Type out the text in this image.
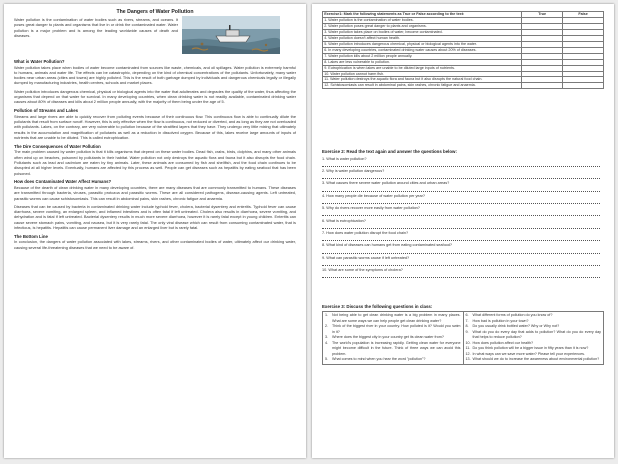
The Dangers of Water Pollution
Water pollution is the contamination of water bodies such as rivers, streams, and oceans. It poses great danger to plants and organisms that live in or drink the contaminated water. Water pollution is a major problem and is among the leading worldwide causes of death and diseases.
What is Water Pollution?

Water pollution takes place when bodies of water become contaminated from sources like waste, chemicals, and oil spillages. Water pollution is extremely harmful to humans, animals and water life. The effects can be catastrophic, depending on the kind of chemical concentrations of the pollutants. Unfortunately, many water bodies near urban areas (cities and towns) are highly polluted. This is the result of both garbage dumped by individuals and dangerous chemicals legally or illegally dumped by manufacturing industries, health centres, schools and market places.

Water pollution introduces dangerous chemical, physical or biological agents into the water that adulterates and degrades the quality of the water, thus affecting the organisms that depend on that water for survival. In many developing countries, when clean drinking water is not readily available, contaminated drinking water causes about 80% of diseases and kills about 2 million people annually, with the majority of them being under the age of 5.

Pollution of Streams and Lakes

Streams and large rivers are able to quickly recover from polluting events because of their continuous flow. This continuous flow is able to continually dilute the pollutants that result from surface runoff. However, this is only effective when the flow is continuous, not reduced or diverted, and as long as they are not overloaded with pollutants. Lakes, on the contrary, are very vulnerable to pollution because of the stratified layers that they have. They undergo very little mixing that ultimately results in the accumulation and magnification of pollutants as well as a reduction in dissolved oxygen. Because of this, lakes receive large amounts of inputs of nutrients that are unable to be diluted. This is called eutrophication.

The Dire Consequences of Water Pollution

The main problem caused by water pollution is that it kills organisms that depend on these water bodies. Dead fish, crabs, birds, dolphins, and many other animals often wind up on beaches, poisoned by pollutants in their habitat. Water pollution not only destroys the aquatic flora and fauna but it also disrupts the food chain. Pollutants such as lead and cadmium are eaten by tiny animals. Later, these animals are consumed by fish and shellfish, and the food chain continues to be disrupted at all higher levels. Eventually, humans are affected by this process as well. People can get diseases such as hepatitis by eating seafood that has been poisoned.

How does Contaminated Water Affect Humans?

Because of the dearth of clean drinking water in many developing countries, there are many diseases that are commonly transmitted to humans. These diseases are transmitted through bacteria, viruses, parasitic protozoa and parasitic worms. These are all considered pathogens, disease-causing agents. Left untreated, parasitic worms can cause schistosomiasis. This can result in abdominal pains, skin rashes, chronic fatigue and anaemia.

Diseases that can be caused by bacteria in contaminated drinking water include typhoid fever, cholera, bacterial dysentery and enteritis. Typhoid fever can cause diarrhoea, severe vomiting, an enlarged spleen, and inflamed intestines and is often fatal if left untreated. Cholera also results in diarrhoea, severe vomiting, and dehydration and is fatal if left untreated. Bacterial dysentery results in much more severe diarrhoea, however it is rarely fatal except in young children. Enteritis can cause severe stomach pains, vomiting, and nausea, but it is very rarely fatal. The only viral disease which can result from consuming contaminated water, that is infectious, is hepatitis. Hepatitis can cause permanent liver damage and an enlarged liver but is rarely fatal.

The Bottom Line

In conclusion, the dangers of water pollution associated with lakes, streams, rivers, and other contaminated bodies of water, ultimately affect our drinking water, causing several life-threatening diseases that we need to be aware of.

Exercise1: Mark the following statements as True or False according to the text:	True	False
1. Water pollution is the contamination of water bodies.		
2. Water pollution poses great danger to plants and organisms.		
3. Water pollution takes place on bodies of water, become contaminated.		
4. Water pollution doesn't affect human health.		
5. Water pollution introduces dangerous chemical, physical or biological agents into the water.		
6. In many developing countries, contaminated drinking water causes about 20% of diseases.		
7. Water pollution kills about 2 million people annually.		
8. Lakes are less vulnerable to pollution.		
9. Eutrophication is when lakes are unable to be diluted large inputs of nutrients.		
10. Water pollution cannot harm fish.		
11. Water pollution destroys the aquatic flora and fauna but it also disrupts the natural food chain.		
12. Schistosomiasis can result in abdominal pains, skin rashes, chronic fatigue and anaemia.		
Exercise 2: Read the text again and answer the questions below:
1. What is water pollution?
2. Why is water pollution dangerous?
3. What causes there severe water pollution around cities and urban areas?
4. How many people die because of water pollution per year?
5. Why do rivers recover more easily from water pollution?
6. What is eutrophication?
7. How does water pollution disrupt the food chain?
8. What kind of diseases can humans get from eating contaminated seafood?
9. What can parasitic worms cause if left untreated?
10. What are some of the symptoms of cholera?
Exercise 3: Discuss the following questions in class:
1.	Not being able to get clean drinking water is a big problem in many places. What are some ways we can help people get clean drinking water?
2.	Think of the biggest river in your country. How polluted is it? Would you swim in it?
3.	Where does the biggest city in your country get its clean water from?
4.	The world's population is increasing rapidly. Getting clean water for everyone might become difficult in the future. Think of three ways we can avoid this problem.
5.	What comes to mind when you hear the word "pollution"?

6.	What different forms of pollution do you know of?
7.	How bad is pollution in your town?
8.	Do you usually drink bottled water? Why or Why not?
9.	What do you do every day that adds to pollution? What do you do every day that helps to reduce pollution?
10. How does pollution affect our health?
11. Do you think pollution will be a bigger issue in fifty years than it is now?
12. In what ways can we save more water? Please tell your experiences.
13. What should we do to increase the awareness about environmental pollution?
